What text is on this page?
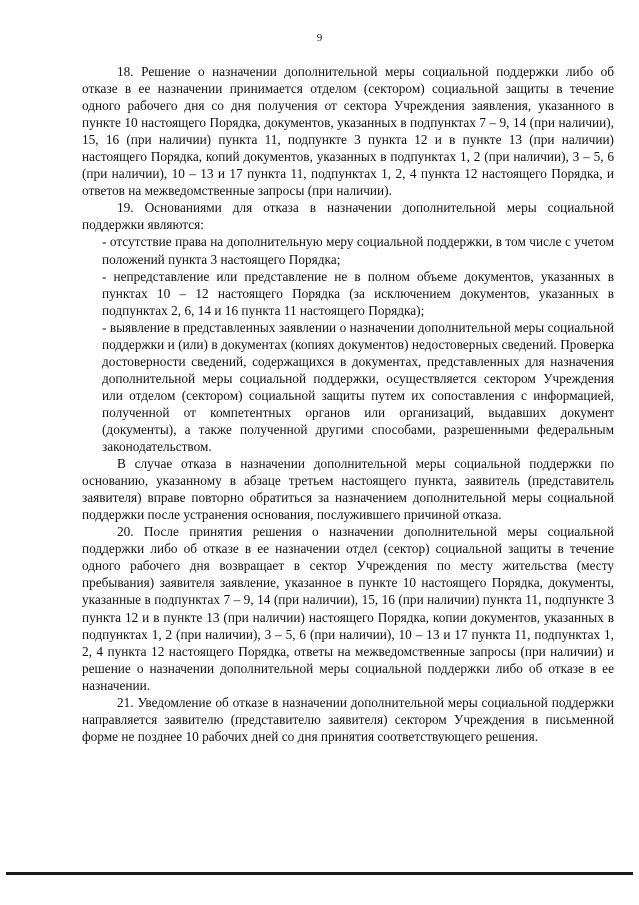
9

18. Решение о назначении дополнительной меры социальной поддержки либо об отказе в ее назначении принимается отделом (сектором) социальной защиты в течение одного рабочего дня со дня получения от сектора Учреждения заявления, указанного в пункте 10 настоящего Порядка, документов, указанных в подпунктах 7 – 9, 14 (при наличии), 15, 16 (при наличии) пункта 11, подпункте 3 пункта 12 и в пункте 13 (при наличии) настоящего Порядка, копий документов, указанных в подпунктах 1, 2 (при наличии), 3 – 5, 6 (при наличии), 10 – 13 и 17 пункта 11, подпунктах 1, 2, 4 пункта 12 настоящего Порядка, и ответов на межведомственные запросы (при наличии).

19. Основаниями для отказа в назначении дополнительной меры социальной поддержки являются:

- отсутствие права на дополнительную меру социальной поддержки, в том числе с учетом положений пункта 3 настоящего Порядка;

- непредставление или представление не в полном объеме документов, указанных в пунктах 10 – 12 настоящего Порядка (за исключением документов, указанных в подпунктах 2, 6, 14 и 16 пункта 11 настоящего Порядка);

- выявление в представленных заявлении о назначении дополнительной меры социальной поддержки и (или) в документах (копиях документов) недостоверных сведений. Проверка достоверности сведений, содержащихся в документах, представленных для назначения дополнительной меры социальной поддержки, осуществляется сектором Учреждения или отделом (сектором) социальной защиты путем их сопоставления с информацией, полученной от компетентных органов или организаций, выдавших документ (документы), а также полученной другими способами, разрешенными федеральным законодательством.

В случае отказа в назначении дополнительной меры социальной поддержки по основанию, указанному в абзаце третьем настоящего пункта, заявитель (представитель заявителя) вправе повторно обратиться за назначением дополнительной меры социальной поддержки после устранения основания, послужившего причиной отказа.

20. После принятия решения о назначении дополнительной меры социальной поддержки либо об отказе в ее назначении отдел (сектор) социальной защиты в течение одного рабочего дня возвращает в сектор Учреждения по месту жительства (месту пребывания) заявителя заявление, указанное в пункте 10 настоящего Порядка, документы, указанные в подпунктах 7 – 9, 14 (при наличии), 15, 16 (при наличии) пункта 11, подпункте 3 пункта 12 и в пункте 13 (при наличии) настоящего Порядка, копии документов, указанных в подпунктах 1, 2 (при наличии), 3 – 5, 6 (при наличии), 10 – 13 и 17 пункта 11, подпунктах 1, 2, 4 пункта 12 настоящего Порядка, ответы на межведомственные запросы (при наличии) и решение о назначении дополнительной меры социальной поддержки либо об отказе в ее назначении.

21. Уведомление об отказе в назначении дополнительной меры социальной поддержки направляется заявителю (представителю заявителя) сектором Учреждения в письменной форме не позднее 10 рабочих дней со дня принятия соответствующего решения.
